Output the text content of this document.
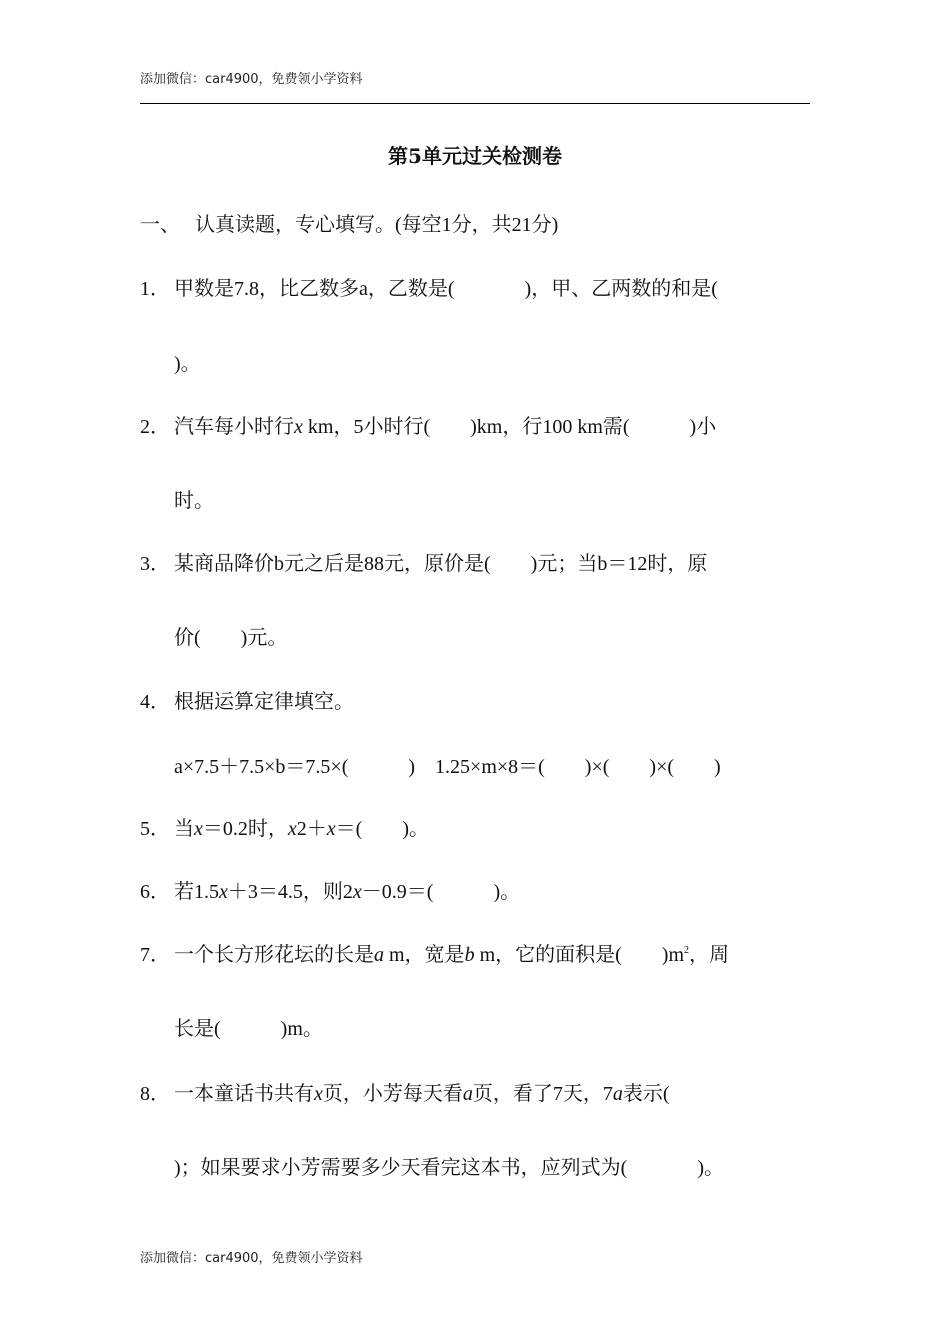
添加微信：car4900，免费领小学资料
第5单元过关检测卷
一、 认真读题，专心填写。(每空1分，共21分)
1． 甲数是7.8，比乙数多a，乙数是(              )，甲、乙两数的和是(
)。
2． 汽车每小时行x km，5小时行(        )km，行100 km需(            )小
时。
3． 某商品降价b元之后是88元，原价是(        )元；当b＝12时，原
价(        )元。
4． 根据运算定律填空。
a×7.5＋7.5×b＝7.5×(            )    1.25×m×8＝(        )×(        )×(        )
5． 当x＝0.2时，x2＋x＝(        )。
6． 若1.5x＋3＝4.5，则2x－0.9＝(            )。
7． 一个长方形花坛的长是a m，宽是b m，它的面积是(        )$m^2$，周
长是(            )m。
8． 一本童话书共有x页，小芳每天看a页，看了7天，7a表示(
)；如果要求小芳需要多少天看完这本书，应列式为(              )。
添加微信：car4900，免费领小学资料
